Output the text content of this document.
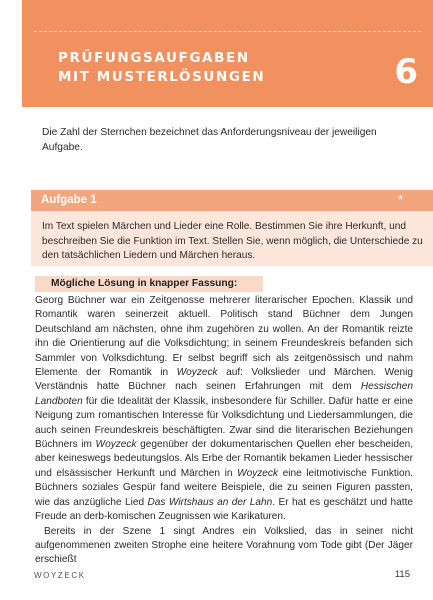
PRÜFUNGSAUFGABEN
MIT MUSTERLÖSUNGEN	6

Die Zahl der Sternchen bezeichnet das Anforderungsniveau der jeweiligen Aufgabe.

Aufgabe 1	*

Im Text spielen Märchen und Lieder eine Rolle. Bestimmen Sie ihre Herkunft, und beschreiben Sie die Funktion im Text. Stellen Sie, wenn möglich, die Unterschiede zu den tatsächlichen Liedern und Märchen heraus.

Mögliche Lösung in knapper Fassung:

Georg Büchner war ein Zeitgenosse mehrerer literarischer Epochen. Klassik und Romantik waren seinerzeit aktuell. Politisch stand Büchner dem Jungen Deutschland am nächsten, ohne ihm zugehören zu wollen. An der Romantik reizte ihn die Orientierung auf die Volksdichtung; in seinem Freundeskreis befanden sich Sammler von Volksdichtung. Er selbst begriff sich als zeitgenössisch und nahm Elemente der Romantik in Woyzeck auf: Volkslieder und Märchen. Wenig Verständnis hatte Büchner nach seinen Erfahrungen mit dem Hessischen Landboten für die Idealität der Klassik, insbesondere für Schiller. Dafür hatte er eine Neigung zum romantischen Interesse für Volksdichtung und Liedersammlungen, die auch seinen Freundeskreis beschäftigten. Zwar sind die literarischen Beziehungen Büchners im Woyzeck gegenüber der dokumentarischen Quellen eher bescheiden, aber keineswegs bedeutungslos. Als Erbe der Romantik bekamen Lieder hessischer und elsässischer Herkunft und Märchen in Woyzeck eine leitmotivische Funktion. Büchners soziales Gespür fand weitere Beispiele, die zu seinen Figuren passten, wie das anzügliche Lied Das Wirtshaus an der Lahn. Er hat es geschätzt und hatte Freude an derb-komischen Zeugnissen wie Karikaturen.

Bereits in der Szene 1 singt Andres ein Volkslied, das in seiner nicht aufgenommenen zweiten Strophe eine heitere Vorahnung vom Tode gibt (Der Jäger erschießt

WOYZECK	115
